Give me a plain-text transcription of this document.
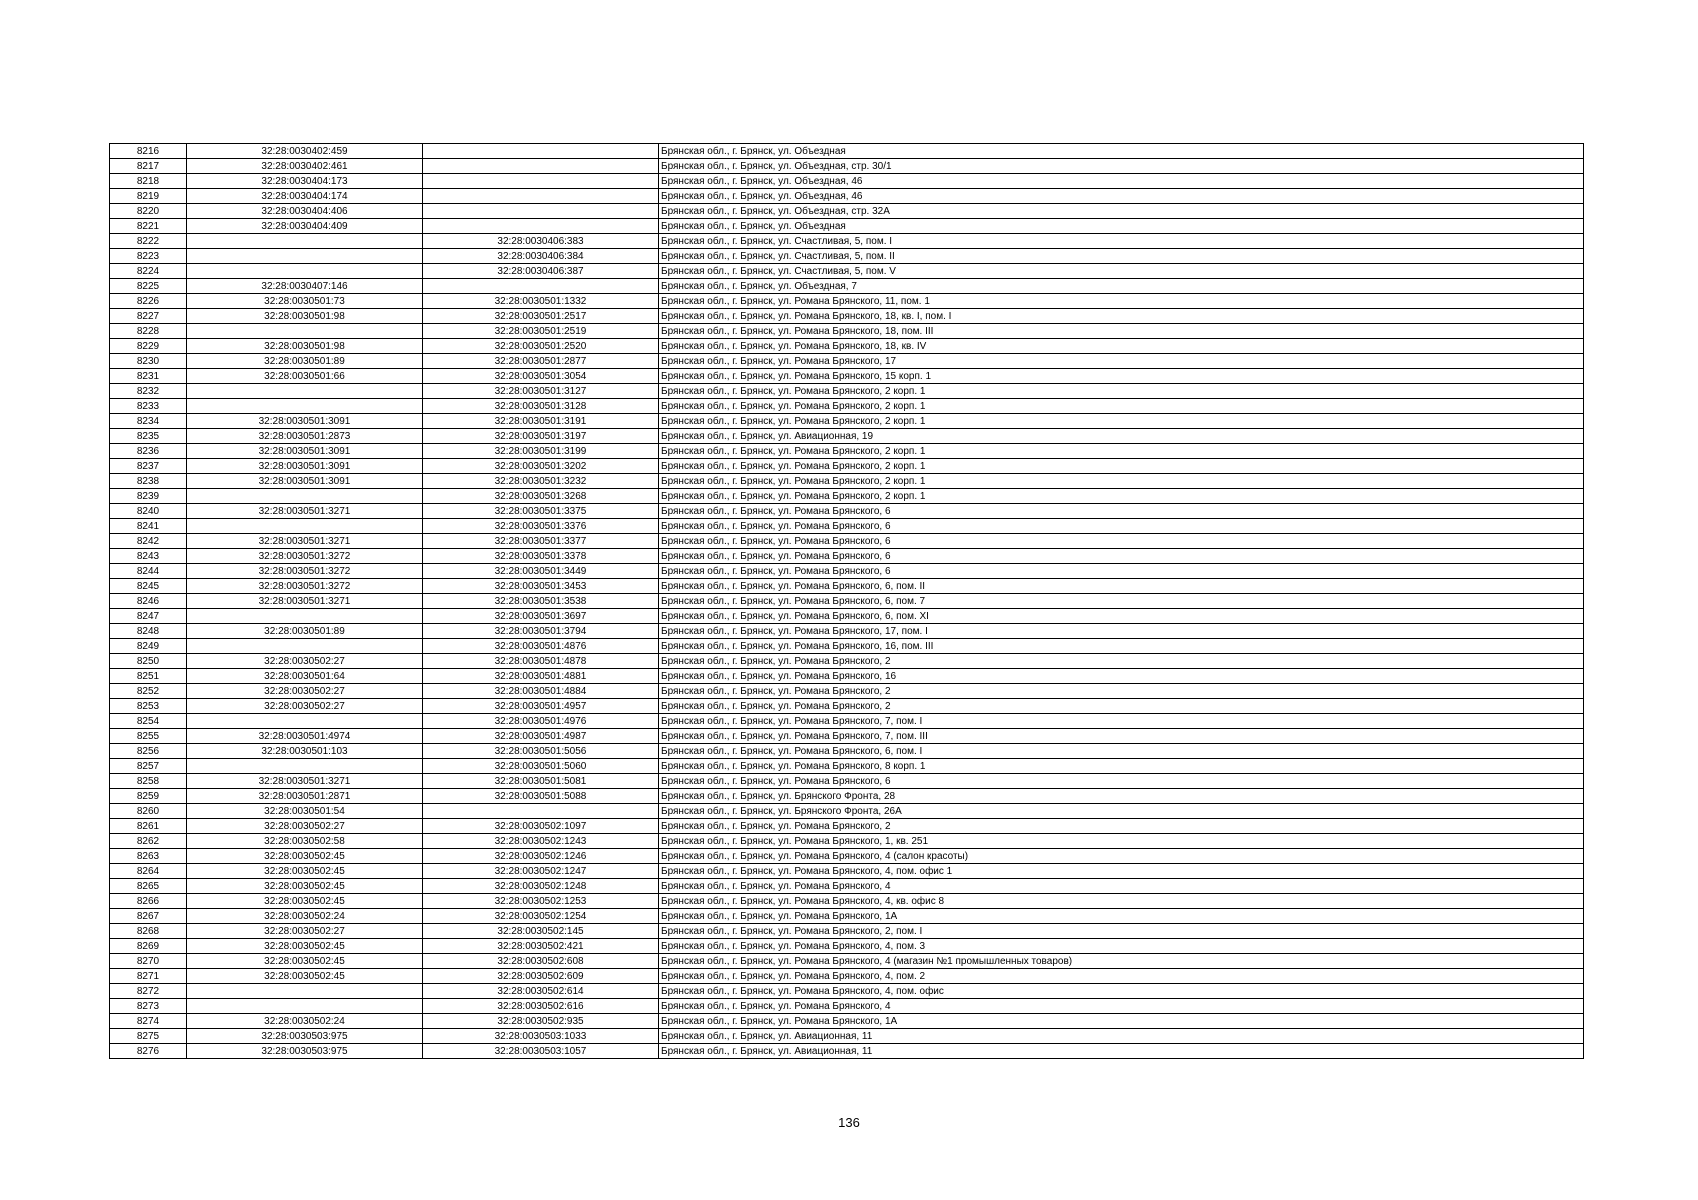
8216	32:28:0030402:459		Брянская обл., г. Брянск, ул. Объездная
8217	32:28:0030402:461		Брянская обл., г. Брянск, ул. Объездная, стр. 30/1
8218	32:28:0030404:173		Брянская обл., г. Брянск, ул. Объездная, 46
8219	32:28:0030404:174		Брянская обл., г. Брянск, ул. Объездная, 46
8220	32:28:0030404:406		Брянская обл., г. Брянск, ул. Объездная, стр. 32А
8221	32:28:0030404:409		Брянская обл., г. Брянск, ул. Объездная
8222		32:28:0030406:383	Брянская обл., г. Брянск, ул. Счастливая, 5, пом. I
8223		32:28:0030406:384	Брянская обл., г. Брянск, ул. Счастливая, 5, пом. II
8224		32:28:0030406:387	Брянская обл., г. Брянск, ул. Счастливая, 5, пом. V
8225	32:28:0030407:146		Брянская обл., г. Брянск, ул. Объездная, 7
8226	32:28:0030501:73	32:28:0030501:1332	Брянская обл., г. Брянск, ул. Романа Брянского, 11, пом. 1
8227	32:28:0030501:98	32:28:0030501:2517	Брянская обл., г. Брянск, ул. Романа Брянского, 18, кв. I, пом. I
8228		32:28:0030501:2519	Брянская обл., г. Брянск, ул. Романа Брянского, 18, пом. III
8229	32:28:0030501:98	32:28:0030501:2520	Брянская обл., г. Брянск, ул. Романа Брянского, 18, кв. IV
8230	32:28:0030501:89	32:28:0030501:2877	Брянская обл., г. Брянск, ул. Романа Брянского, 17
8231	32:28:0030501:66	32:28:0030501:3054	Брянская обл., г. Брянск, ул. Романа Брянского, 15 корп. 1
8232		32:28:0030501:3127	Брянская обл., г. Брянск, ул. Романа Брянского, 2 корп. 1
8233		32:28:0030501:3128	Брянская обл., г. Брянск, ул. Романа Брянского, 2 корп. 1
8234	32:28:0030501:3091	32:28:0030501:3191	Брянская обл., г. Брянск, ул. Романа Брянского, 2 корп. 1
8235	32:28:0030501:2873	32:28:0030501:3197	Брянская обл., г. Брянск, ул. Авиационная, 19
8236	32:28:0030501:3091	32:28:0030501:3199	Брянская обл., г. Брянск, ул. Романа Брянского, 2 корп. 1
8237	32:28:0030501:3091	32:28:0030501:3202	Брянская обл., г. Брянск, ул. Романа Брянского, 2 корп. 1
8238	32:28:0030501:3091	32:28:0030501:3232	Брянская обл., г. Брянск, ул. Романа Брянского, 2 корп. 1
8239		32:28:0030501:3268	Брянская обл., г. Брянск, ул. Романа Брянского, 2 корп. 1
8240	32:28:0030501:3271	32:28:0030501:3375	Брянская обл., г. Брянск, ул. Романа Брянского, 6
8241		32:28:0030501:3376	Брянская обл., г. Брянск, ул. Романа Брянского, 6
8242	32:28:0030501:3271	32:28:0030501:3377	Брянская обл., г. Брянск, ул. Романа Брянского, 6
8243	32:28:0030501:3272	32:28:0030501:3378	Брянская обл., г. Брянск, ул. Романа Брянского, 6
8244	32:28:0030501:3272	32:28:0030501:3449	Брянская обл., г. Брянск, ул. Романа Брянского, 6
8245	32:28:0030501:3272	32:28:0030501:3453	Брянская обл., г. Брянск, ул. Романа Брянского, 6, пом. II
8246	32:28:0030501:3271	32:28:0030501:3538	Брянская обл., г. Брянск, ул. Романа Брянского, 6, пом. 7
8247		32:28:0030501:3697	Брянская обл., г. Брянск, ул. Романа Брянского, 6, пом. XI
8248	32:28:0030501:89	32:28:0030501:3794	Брянская обл., г. Брянск, ул. Романа Брянского, 17, пом. I
8249		32:28:0030501:4876	Брянская обл., г. Брянск, ул. Романа Брянского, 16, пом. III
8250	32:28:0030502:27	32:28:0030501:4878	Брянская обл., г. Брянск, ул. Романа Брянского, 2
8251	32:28:0030501:64	32:28:0030501:4881	Брянская обл., г. Брянск, ул. Романа Брянского, 16
8252	32:28:0030502:27	32:28:0030501:4884	Брянская обл., г. Брянск, ул. Романа Брянского, 2
8253	32:28:0030502:27	32:28:0030501:4957	Брянская обл., г. Брянск, ул. Романа Брянского, 2
8254		32:28:0030501:4976	Брянская обл., г. Брянск, ул. Романа Брянского, 7, пом. I
8255	32:28:0030501:4974	32:28:0030501:4987	Брянская обл., г. Брянск, ул. Романа Брянского, 7, пом. III
8256	32:28:0030501:103	32:28:0030501:5056	Брянская обл., г. Брянск, ул. Романа Брянского, 6, пом. I
8257		32:28:0030501:5060	Брянская обл., г. Брянск, ул. Романа Брянского, 8 корп. 1
8258	32:28:0030501:3271	32:28:0030501:5081	Брянская обл., г. Брянск, ул. Романа Брянского, 6
8259	32:28:0030501:2871	32:28:0030501:5088	Брянская обл., г. Брянск, ул. Брянского Фронта, 28
8260	32:28:0030501:54		Брянская обл., г. Брянск, ул. Брянского Фронта, 26А
8261	32:28:0030502:27	32:28:0030502:1097	Брянская обл., г. Брянск, ул. Романа Брянского, 2
8262	32:28:0030502:58	32:28:0030502:1243	Брянская обл., г. Брянск, ул. Романа Брянского, 1, кв. 251
8263	32:28:0030502:45	32:28:0030502:1246	Брянская обл., г. Брянск, ул. Романа Брянского, 4 (салон красоты)
8264	32:28:0030502:45	32:28:0030502:1247	Брянская обл., г. Брянск, ул. Романа Брянского, 4, пом. офис 1
8265	32:28:0030502:45	32:28:0030502:1248	Брянская обл., г. Брянск, ул. Романа Брянского, 4
8266	32:28:0030502:45	32:28:0030502:1253	Брянская обл., г. Брянск, ул. Романа Брянского, 4, кв. офис 8
8267	32:28:0030502:24	32:28:0030502:1254	Брянская обл., г. Брянск, ул. Романа Брянского, 1А
8268	32:28:0030502:27	32:28:0030502:145	Брянская обл., г. Брянск, ул. Романа Брянского, 2, пом. I
8269	32:28:0030502:45	32:28:0030502:421	Брянская обл., г. Брянск, ул. Романа Брянского, 4, пом. 3
8270	32:28:0030502:45	32:28:0030502:608	Брянская обл., г. Брянск, ул. Романа Брянского, 4 (магазин №1 промышленных товаров)
8271	32:28:0030502:45	32:28:0030502:609	Брянская обл., г. Брянск, ул. Романа Брянского, 4, пом. 2
8272		32:28:0030502:614	Брянская обл., г. Брянск, ул. Романа Брянского, 4, пом. офис
8273		32:28:0030502:616	Брянская обл., г. Брянск, ул. Романа Брянского, 4
8274	32:28:0030502:24	32:28:0030502:935	Брянская обл., г. Брянск, ул. Романа Брянского, 1А
8275	32:28:0030503:975	32:28:0030503:1033	Брянская обл., г. Брянск, ул. Авиационная, 11
8276	32:28:0030503:975	32:28:0030503:1057	Брянская обл., г. Брянск, ул. Авиационная, 11
136
